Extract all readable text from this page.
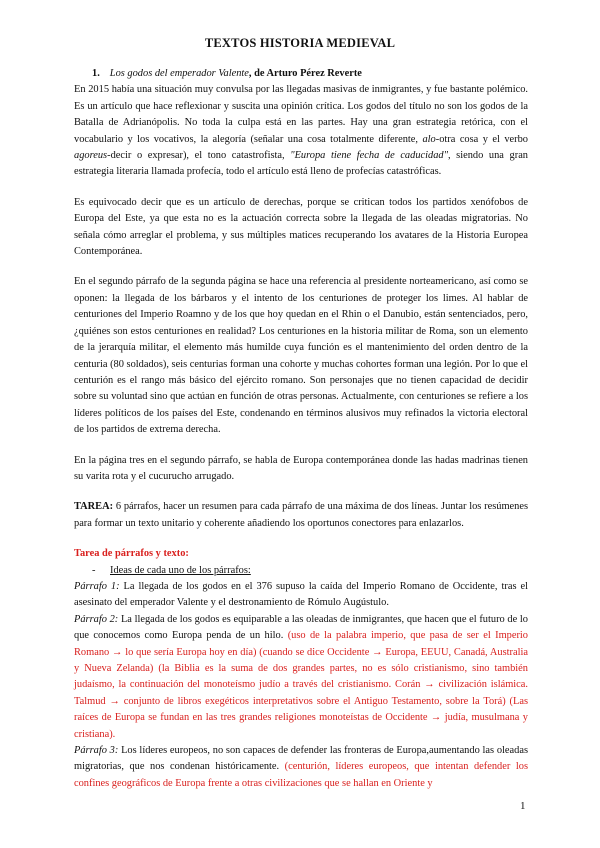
TEXTOS HISTORIA MEDIEVAL

1. Los godos del emperador Valente, de Arturo Pérez Reverte

En 2015 había una situación muy convulsa por las llegadas masivas de inmigrantes, y fue bastante polémico. Es un artículo que hace reflexionar y suscita una opinión crítica. Los godos del título no son los godos de la Batalla de Adrianópolis. No toda la culpa está en las partes. Hay una gran estrategia retórica, con el vocabulario y los vocativos, la alegoría (señalar una cosa totalmente diferente, alo-otra cosa y el verbo agoreus-decir o expresar), el tono catastrofista, "Europa tiene fecha de caducidad", siendo una gran estrategia literaria llamada profecía, todo el artículo está lleno de profecías catastróficas.

Es equivocado decir que es un artículo de derechas, porque se critican todos los partidos xenófobos de Europa del Este, ya que esta no es la actuación correcta sobre la llegada de las oleadas migratorias. No señala cómo arreglar el problema, y sus múltiples matices recuperando los avatares de la Historia Europea Contemporánea.

En el segundo párrafo de la segunda página se hace una referencia al presidente norteamericano, así como se oponen: la llegada de los bárbaros y el intento de los centuriones de proteger los limes. Al hablar de centuriones del Imperio Roamno y de los que hoy quedan en el Rhin o el Danubio, están sentenciados, pero, ¿quiénes son estos centuriones en realidad? Los centuriones en la historia militar de Roma, son un elemento de la jerarquía militar, el elemento más humilde cuya función es el mantenimiento del orden dentro de la centuria (80 soldados), seis centurias forman una cohorte y muchas cohortes forman una legión. Por lo que el centurión es el rango más básico del ejército romano. Son personajes que no tienen capacidad de decidir sobre su voluntad sino que actúan en función de otras personas. Actualmente, con centuriones se refiere a los líderes políticos de los países del Este, condenando en términos alusivos muy refinados la victoria electoral de los partidos de extrema derecha.

En la página tres en el segundo párrafo, se habla de Europa contemporánea donde las hadas madrinas tienen su varita rota y el cucurucho arrugado.

TAREA: 6 párrafos, hacer un resumen para cada párrafo de una máxima de dos líneas. Juntar los resúmenes para formar un texto unitario y coherente añadiendo los oportunos conectores para enlazarlos.

Tarea de párrafos y texto:

- Ideas de cada uno de los párrafos:

Párrafo 1: La llegada de los godos en el 376 supuso la caída del Imperio Romano de Occidente, tras el asesinato del emperador Valente y el destronamiento de Rómulo Augústulo.

Párrafo 2: La llegada de los godos es equiparable a las oleadas de inmigrantes, que hacen que el futuro de lo que conocemos como Europa penda de un hilo. (uso de la palabra imperio, que pasa de ser el Imperio Romano → lo que sería Europa hoy en día) (cuando se dice Occidente → Europa, EEUU, Canadá, Australia y Nueva Zelanda) (la Biblia es la suma de dos grandes partes, no es sólo cristianismo, sino también judaísmo, la continuación del monoteísmo judío a través del cristianismo. Corán → civilización islámica. Talmud → conjunto de libros exegéticos interpretativos sobre el Antiguo Testamento, sobre la Torá) (Las raíces de Europa se fundan en las tres grandes religiones monoteístas de Occidente → judía, musulmana y cristiana).

Párrafo 3: Los líderes europeos, no son capaces de defender las fronteras de Europa,aumentando las oleadas migratorias, que nos condenan históricamente. (centurión, líderes europeos, que intentan defender los confines geográficos de Europa frente a otras civilizaciones que se hallan en Oriente y

1
